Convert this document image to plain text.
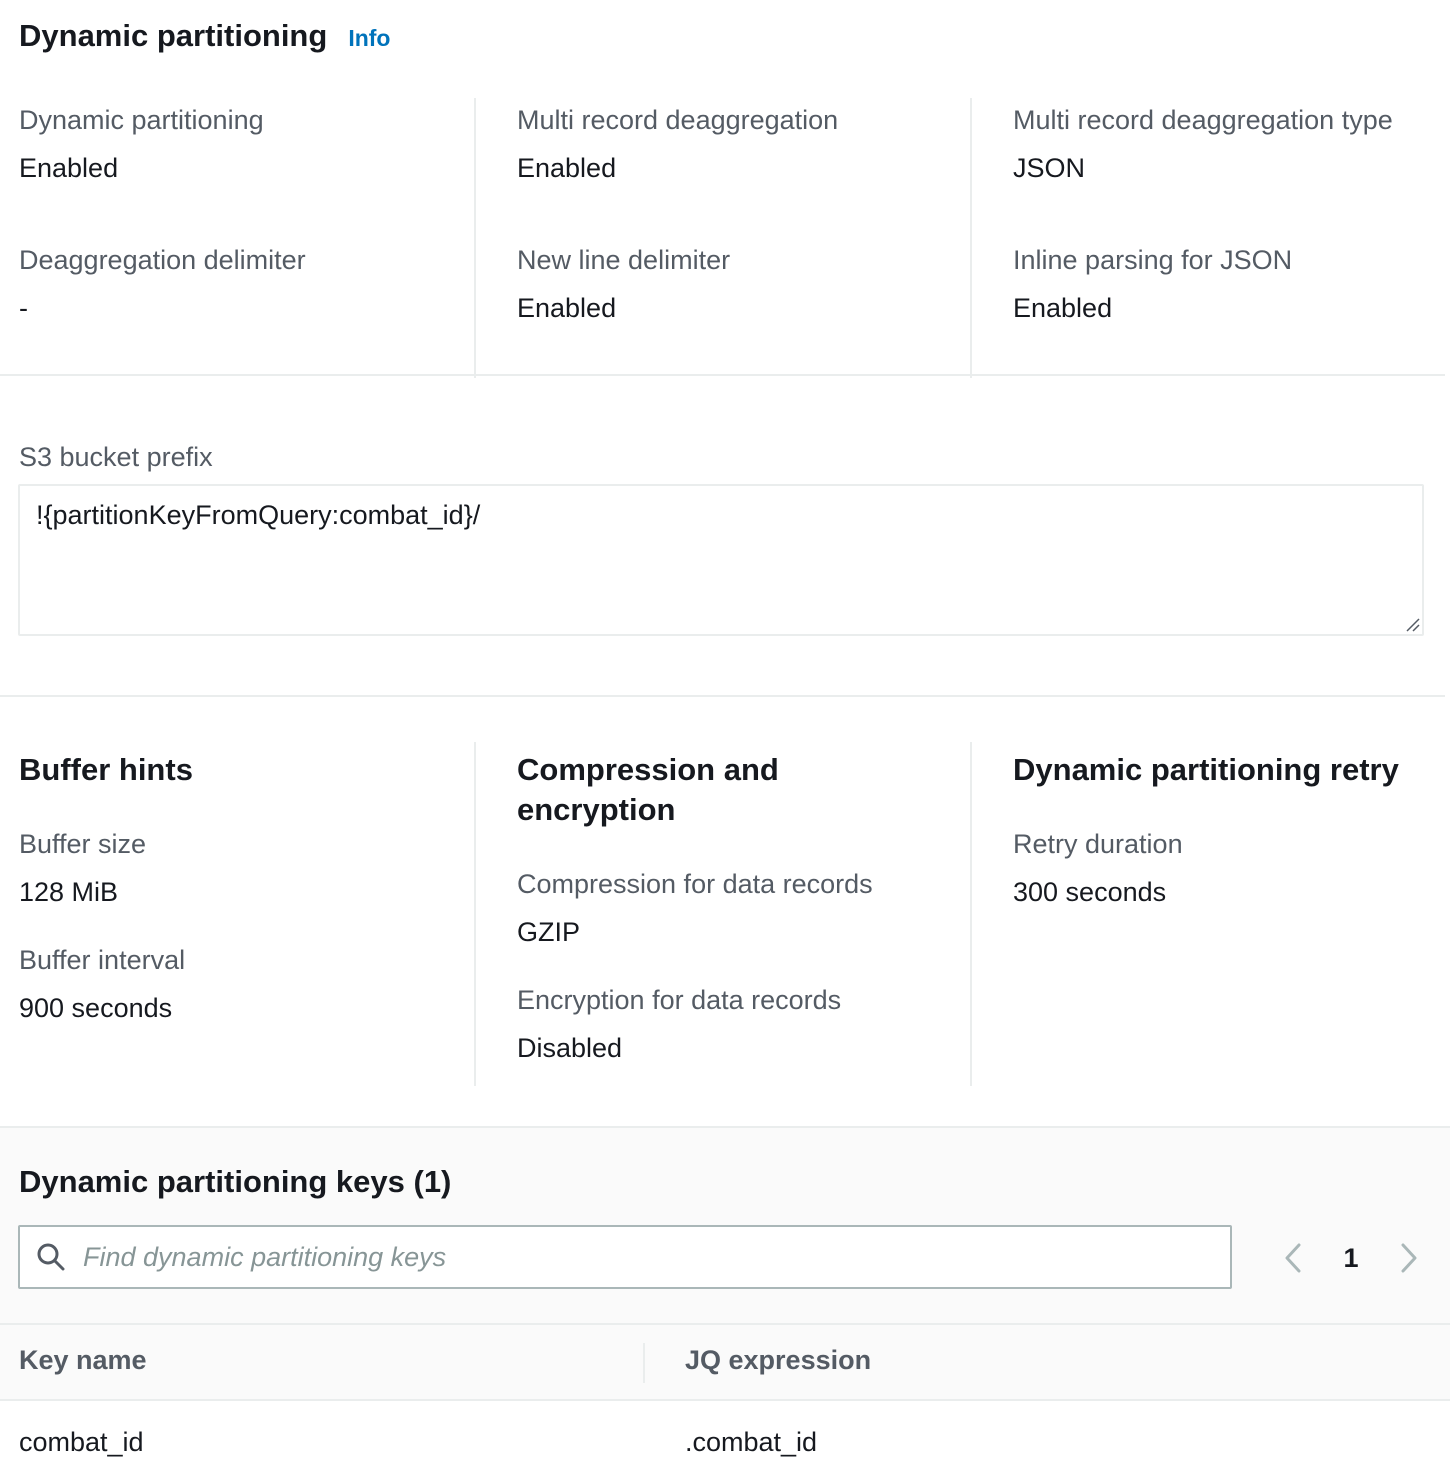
Dynamic partitioning Info
Dynamic partitioning
Enabled
Deaggregation delimiter
-
Multi record deaggregation
Enabled
New line delimiter
Enabled
Multi record deaggregation type
JSON
Inline parsing for JSON
Enabled
S3 bucket prefix
!{partitionKeyFromQuery:combat_id}/
Buffer hints
Buffer size
128 MiB
Buffer interval
900 seconds
Compression and encryption
Compression for data records
GZIP
Encryption for data records
Disabled
Dynamic partitioning retry
Retry duration
300 seconds
Dynamic partitioning keys (1)
Find dynamic partitioning keys
1
Key name	JQ expression
combat_id	.combat_id
